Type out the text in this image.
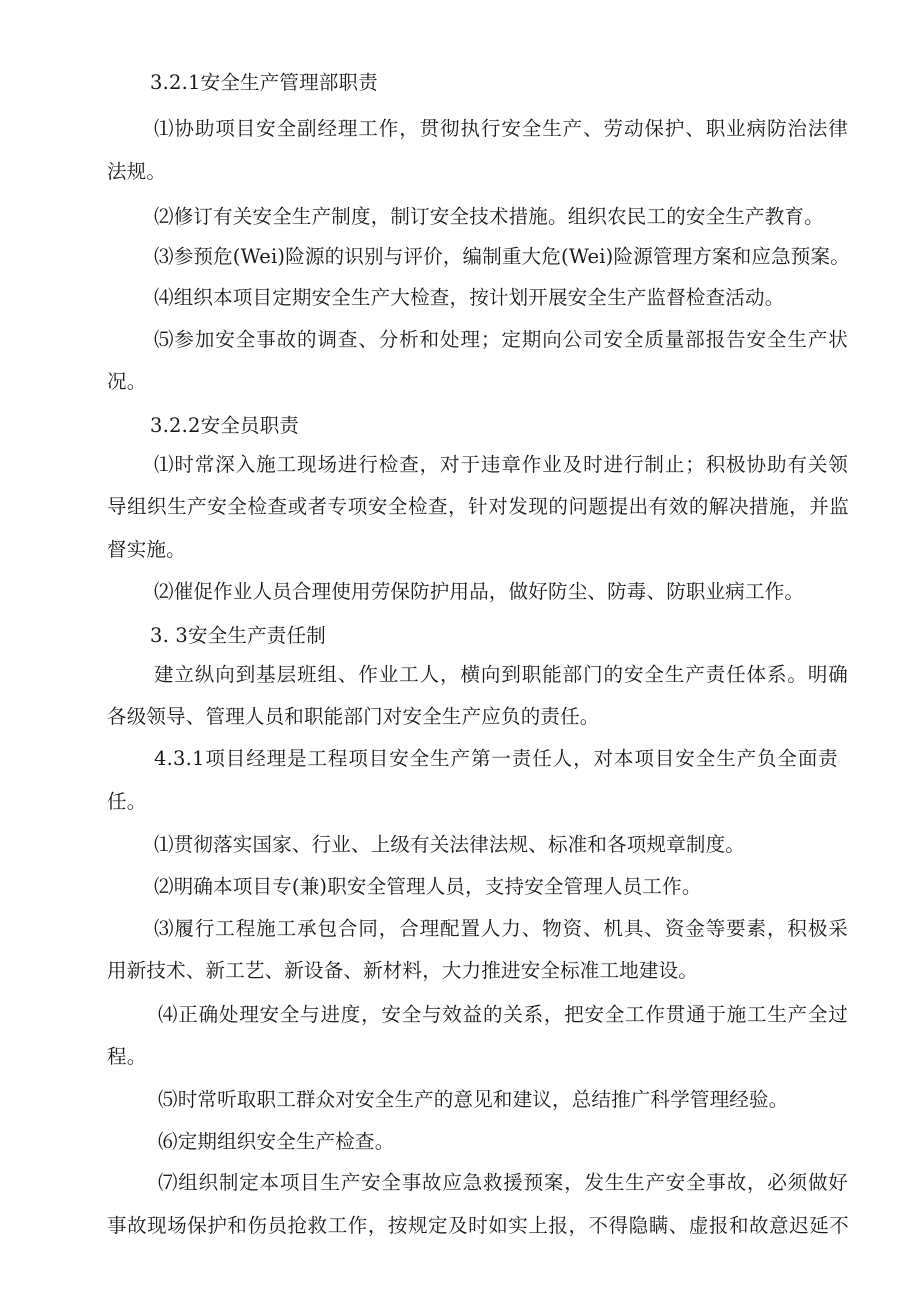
3.2.1安全生产管理部职责
⑴协助项目安全副经理工作，贯彻执行安全生产、劳动保护、职业病防治法律
法规。
⑵修订有关安全生产制度，制订安全技术措施。组织农民工的安全生产教育。
⑶参预危(Wei)险源的识别与评价，编制重大危(Wei)险源管理方案和应急预案。
⑷组织本项目定期安全生产大检查，按计划开展安全生产监督检查活动。
⑸参加安全事故的调查、分析和处理；定期向公司安全质量部报告安全生产状
况。
3.2.2安全员职责
⑴时常深入施工现场进行检查，对于违章作业及时进行制止；积极协助有关领
导组织生产安全检查或者专项安全检查，针对发现的问题提出有效的解决措施，并监
督实施。
⑵催促作业人员合理使用劳保防护用品，做好防尘、防毒、防职业病工作。
3. 3安全生产责任制
建立纵向到基层班组、作业工人，横向到职能部门的安全生产责任体系。明确
各级领导、管理人员和职能部门对安全生产应负的责任。
4.3.1项目经理是工程项目安全生产第一责任人，对本项目安全生产负全面责
任。
⑴贯彻落实国家、行业、上级有关法律法规、标准和各项规章制度。
⑵明确本项目专(兼)职安全管理人员，支持安全管理人员工作。
⑶履行工程施工承包合同，合理配置人力、物资、机具、资金等要素，积极采
用新技术、新工艺、新设备、新材料，大力推进安全标准工地建设。
⑷正确处理安全与进度，安全与效益的关系，把安全工作贯通于施工生产全过
程。
⑸时常听取职工群众对安全生产的意见和建议，总结推广科学管理经验。
⑹定期组织安全生产检查。
⑺组织制定本项目生产安全事故应急救援预案，发生生产安全事故，必须做好
事故现场保护和伤员抢救工作，按规定及时如实上报，不得隐瞒、虚报和故意迟延不
